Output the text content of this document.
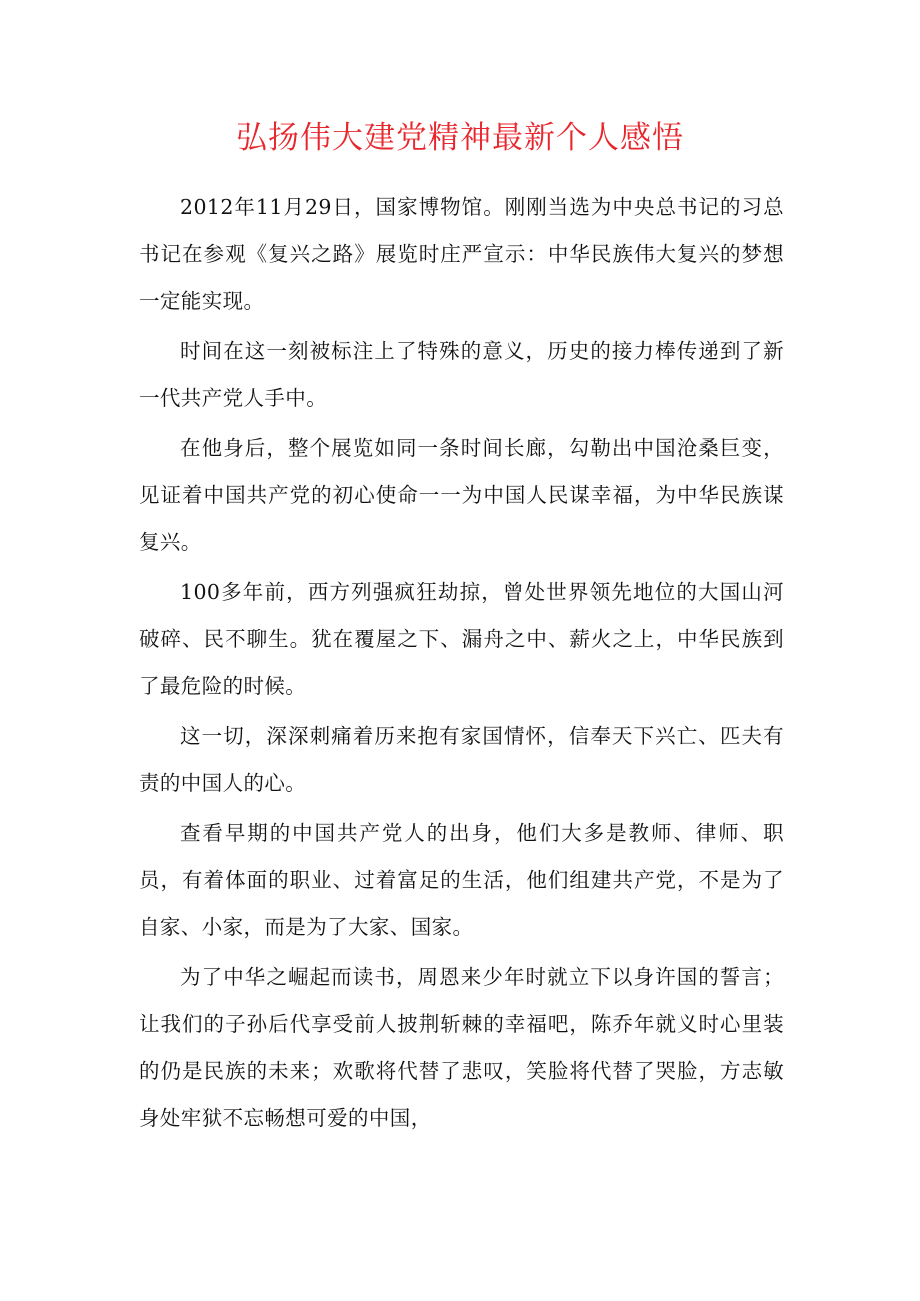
弘扬伟大建党精神最新个人感悟

2012年11月29日，国家博物馆。刚刚当选为中央总书记的习总书记在参观《复兴之路》展览时庄严宣示：中华民族伟大复兴的梦想一定能实现。

时间在这一刻被标注上了特殊的意义，历史的接力棒传递到了新一代共产党人手中。

在他身后，整个展览如同一条时间长廊，勾勒出中国沧桑巨变，见证着中国共产党的初心使命一一为中国人民谋幸福，为中华民族谋复兴。

100多年前，西方列强疯狂劫掠，曾处世界领先地位的大国山河破碎、民不聊生。犹在覆屋之下、漏舟之中、薪火之上，中华民族到了最危险的时候。

这一切，深深刺痛着历来抱有家国情怀，信奉天下兴亡、匹夫有责的中国人的心。

查看早期的中国共产党人的出身，他们大多是教师、律师、职员，有着体面的职业、过着富足的生活，他们组建共产党，不是为了自家、小家，而是为了大家、国家。

为了中华之崛起而读书，周恩来少年时就立下以身许国的誓言；让我们的子孙后代享受前人披荆斩棘的幸福吧，陈乔年就义时心里装的仍是民族的未来；欢歌将代替了悲叹，笑脸将代替了哭脸，方志敏身处牢狱不忘畅想可爱的中国，
